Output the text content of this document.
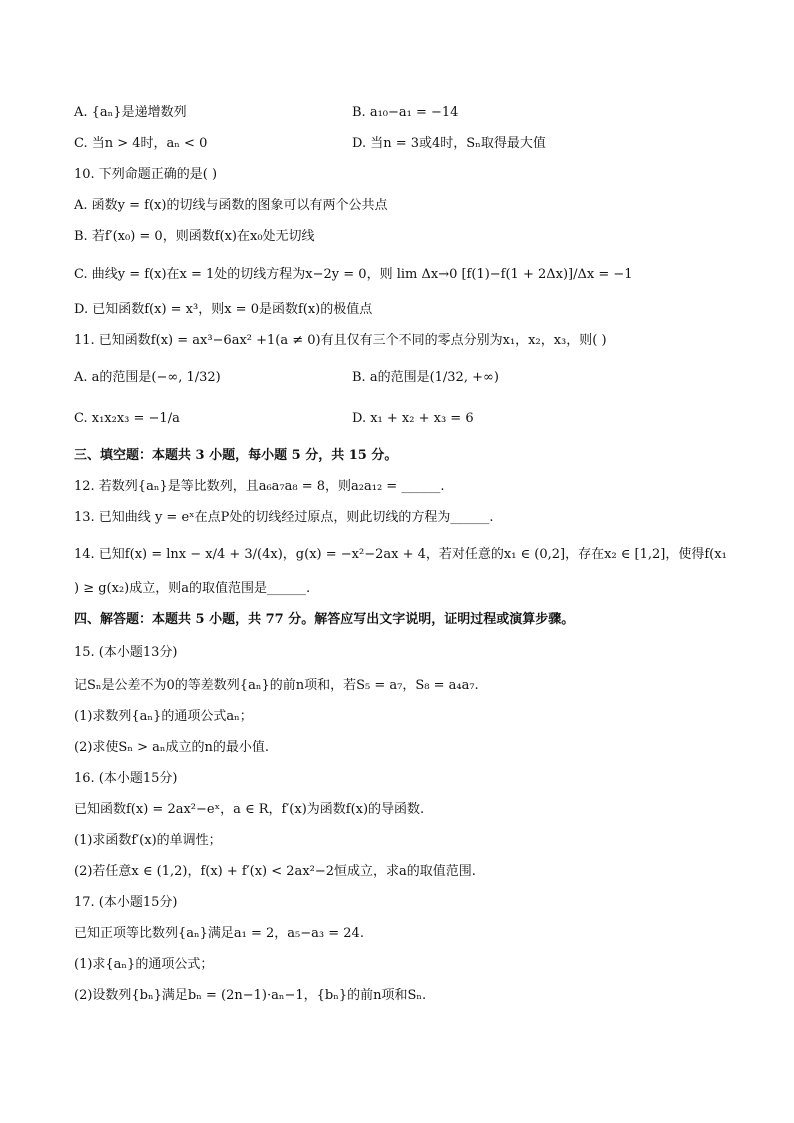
A. {aₙ}是递增数列	B. a₁₀−a₁ = −14
C. 当n > 4时，aₙ < 0	D. 当n = 3或4时，Sₙ取得最大值
10. 下列命题正确的是( )
A. 函数y = f(x)的切线与函数的图象可以有两个公共点
B. 若f′(x₀) = 0，则函数f(x)在x₀处无切线
C. 曲线y = f(x)在x = 1处的切线方程为x−2y = 0，则 lim Δx→0 [f(1)−f(1 + 2Δx)]/Δx = −1
D. 已知函数f(x) = x³，则x = 0是函数f(x)的极值点
11. 已知函数f(x) = ax³−6ax² +1(a ≠ 0)有且仅有三个不同的零点分别为x₁，x₂，x₃，则( )
A. a的范围是(−∞, 1/32)	B. a的范围是(1/32, +∞)
C. x₁x₂x₃ = −1/a	D. x₁ + x₂ + x₃ = 6
三、填空题：本题共 3 小题，每小题 5 分，共 15 分。
12. 若数列{aₙ}是等比数列，且a₆a₇a₈ = 8，则a₂a₁₂ = ______.
13. 已知曲线 y = eˣ在点P处的切线经过原点，则此切线的方程为______.
14. 已知f(x) = lnx − x/4 + 3/(4x)，g(x) = −x²−2ax + 4，若对任意的x₁ ∈ (0,2]，存在x₂ ∈ [1,2]，使得f(x₁
) ≥ g(x₂)成立，则a的取值范围是______.
四、解答题：本题共 5 小题，共 77 分。解答应写出文字说明，证明过程或演算步骤。
15. (本小题13分)
记Sₙ是公差不为0的等差数列{aₙ}的前n项和，若S₅ = a₇，S₈ = a₄a₇.
(1)求数列{aₙ}的通项公式aₙ；
(2)求使Sₙ > aₙ成立的n的最小值.
16. (本小题15分)
已知函数f(x) = 2ax²−eˣ，a ∈ R，f′(x)为函数f(x)的导函数.
(1)求函数f′(x)的单调性；
(2)若任意x ∈ (1,2)，f(x) + f′(x) < 2ax²−2恒成立，求a的取值范围.
17. (本小题15分)
已知正项等比数列{aₙ}满足a₁ = 2，a₅−a₃ = 24.
(1)求{aₙ}的通项公式；
(2)设数列{bₙ}满足bₙ = (2n−1)·aₙ−1，{bₙ}的前n项和Sₙ.
